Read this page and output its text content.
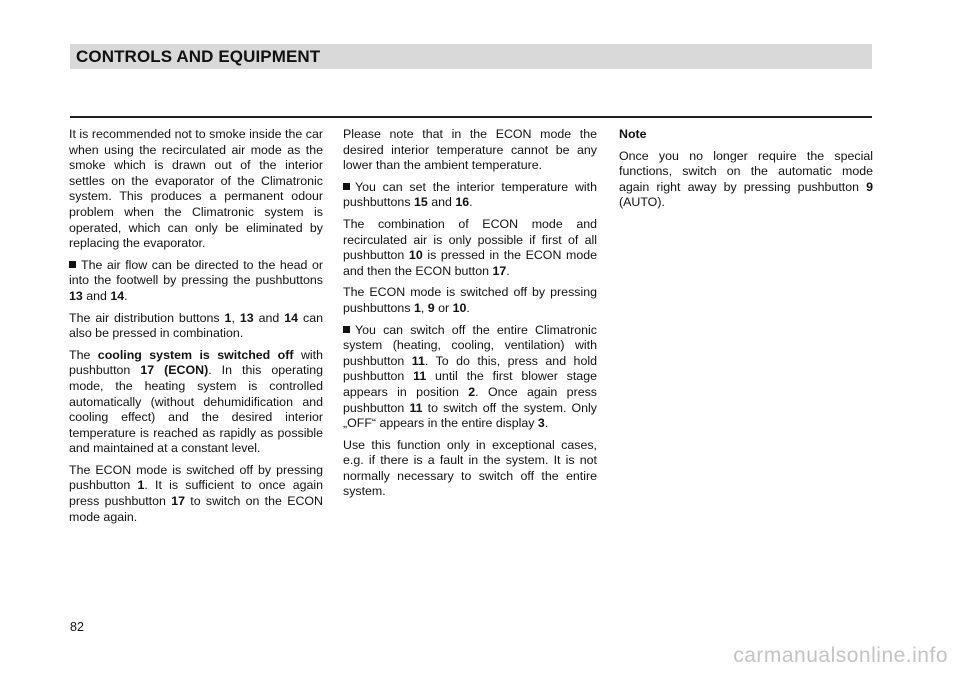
CONTROLS AND EQUIPMENT

It is recommended not to smoke inside the car when using the recirculated air mode as the smoke which is drawn out of the interior settles on the evaporator of the Climatronic system. This produces a permanent odour problem when the Climatronic system is operated, which can only be eliminated by replacing the evaporator.

The air flow can be directed to the head or into the footwell by pressing the pushbuttons 13 and 14.

The air distribution buttons 1, 13 and 14 can also be pressed in combination.

The cooling system is switched off with pushbutton 17 (ECON). In this operating mode, the heating system is controlled automatically (without dehumidification and cooling effect) and the desired interior temperature is reached as rapidly as possible and maintained at a constant level.

The ECON mode is switched off by pressing pushbutton 1. It is sufficient to once again press pushbutton 17 to switch on the ECON mode again.

Please note that in the ECON mode the desired interior temperature cannot be any lower than the ambient temperature.

You can set the interior temperature with pushbuttons 15 and 16.

The combination of ECON mode and recirculated air is only possible if first of all pushbutton 10 is pressed in the ECON mode and then the ECON button 17.

The ECON mode is switched off by pressing pushbuttons 1, 9 or 10.

You can switch off the entire Climatronic system (heating, cooling, ventilation) with pushbutton 11. To do this, press and hold pushbutton 11 until the first blower stage appears in position 2. Once again press pushbutton 11 to switch off the system. Only „OFF“ appears in the entire display 3.

Use this function only in exceptional cases, e.g. if there is a fault in the system. It is not normally necessary to switch off the entire system.

Note

Once you no longer require the special functions, switch on the automatic mode again right away by pressing pushbutton 9 (AUTO).

82
carmanualsonline.info
